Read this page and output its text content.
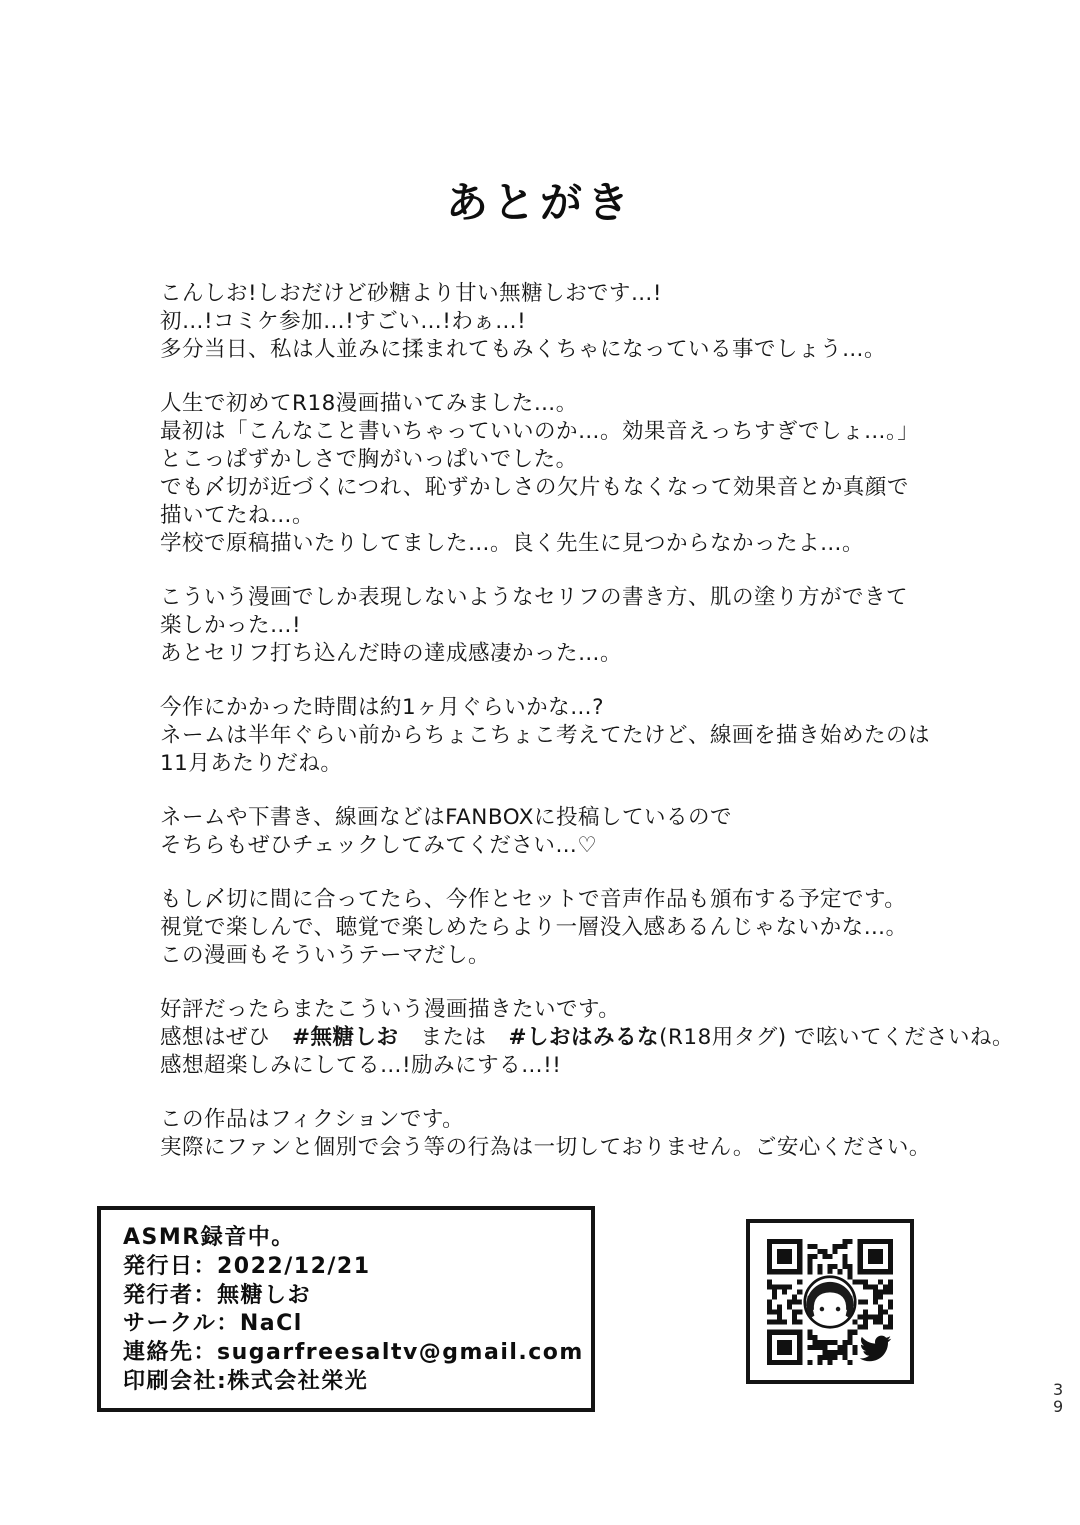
あとがき

こんしお!しおだけど砂糖より甘い無糖しおです…!
初…!コミケ参加…!すごい…!わぁ…!
多分当日、私は人並みに揉まれてもみくちゃになっている事でしょう…。

人生で初めてR18漫画描いてみました…。
最初は「こんなこと書いちゃっていいのか…。効果音えっちすぎでしょ…。」
とこっぱずかしさで胸がいっぱいでした。
でも〆切が近づくにつれ、恥ずかしさの欠片もなくなって効果音とか真顔で
描いてたね…。
学校で原稿描いたりしてました…。良く先生に見つからなかったよ…。

こういう漫画でしか表現しないようなセリフの書き方、肌の塗り方ができて
楽しかった…!
あとセリフ打ち込んだ時の達成感凄かった…。

今作にかかった時間は約1ヶ月ぐらいかな…?
ネームは半年ぐらい前からちょこちょこ考えてたけど、線画を描き始めたのは
11月あたりだね。

ネームや下書き、線画などはFANBOXに投稿しているので
そちらもぜひチェックしてみてください…♡

もし〆切に間に合ってたら、今作とセットで音声作品も頒布する予定です。
視覚で楽しんで、聴覚で楽しめたらより一層没入感あるんじゃないかな…。
この漫画もそういうテーマだし。

好評だったらまたこういう漫画描きたいです。
感想はぜひ　#無糖しお　または　#しおはみるな(R18用タグ) で呟いてくださいね。
感想超楽しみにしてる…!励みにする…!!

この作品はフィクションです。
実際にファンと個別で会う等の行為は一切しておりません。ご安心ください。

ASMR録音中。
発行日：2022/12/21
発行者：無糖しお
サークル：NaCl
連絡先：sugarfreesaltv@gmail.com
印刷会社:株式会社栄光	39
